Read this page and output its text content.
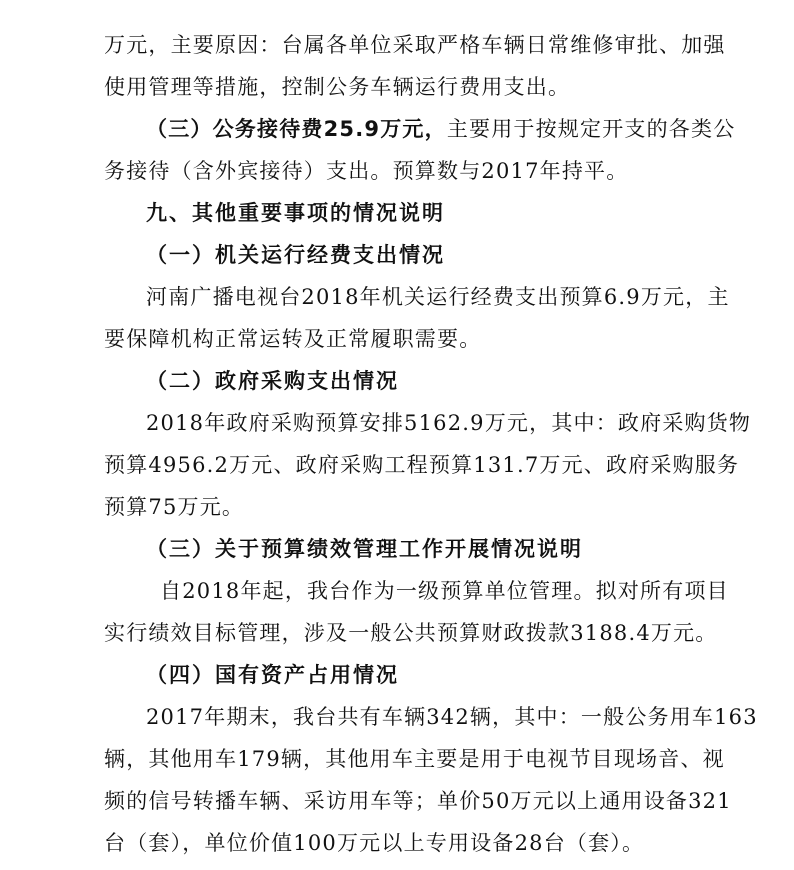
万元，主要原因：台属各单位采取严格车辆日常维修审批、加强
使用管理等措施，控制公务车辆运行费用支出。
（三）公务接待费25.9万元，主要用于按规定开支的各类公
务接待（含外宾接待）支出。预算数与2017年持平。
九、其他重要事项的情况说明
（一）机关运行经费支出情况
河南广播电视台2018年机关运行经费支出预算6.9万元，主
要保障机构正常运转及正常履职需要。
（二）政府采购支出情况
2018年政府采购预算安排5162.9万元，其中：政府采购货物
预算4956.2万元、政府采购工程预算131.7万元、政府采购服务
预算75万元。
（三）关于预算绩效管理工作开展情况说明
自2018年起，我台作为一级预算单位管理。拟对所有项目
实行绩效目标管理，涉及一般公共预算财政拨款3188.4万元。
（四）国有资产占用情况
2017年期末，我台共有车辆342辆，其中：一般公务用车163
辆，其他用车179辆，其他用车主要是用于电视节目现场音、视
频的信号转播车辆、采访用车等；单价50万元以上通用设备321
台（套），单位价值100万元以上专用设备28台（套）。
